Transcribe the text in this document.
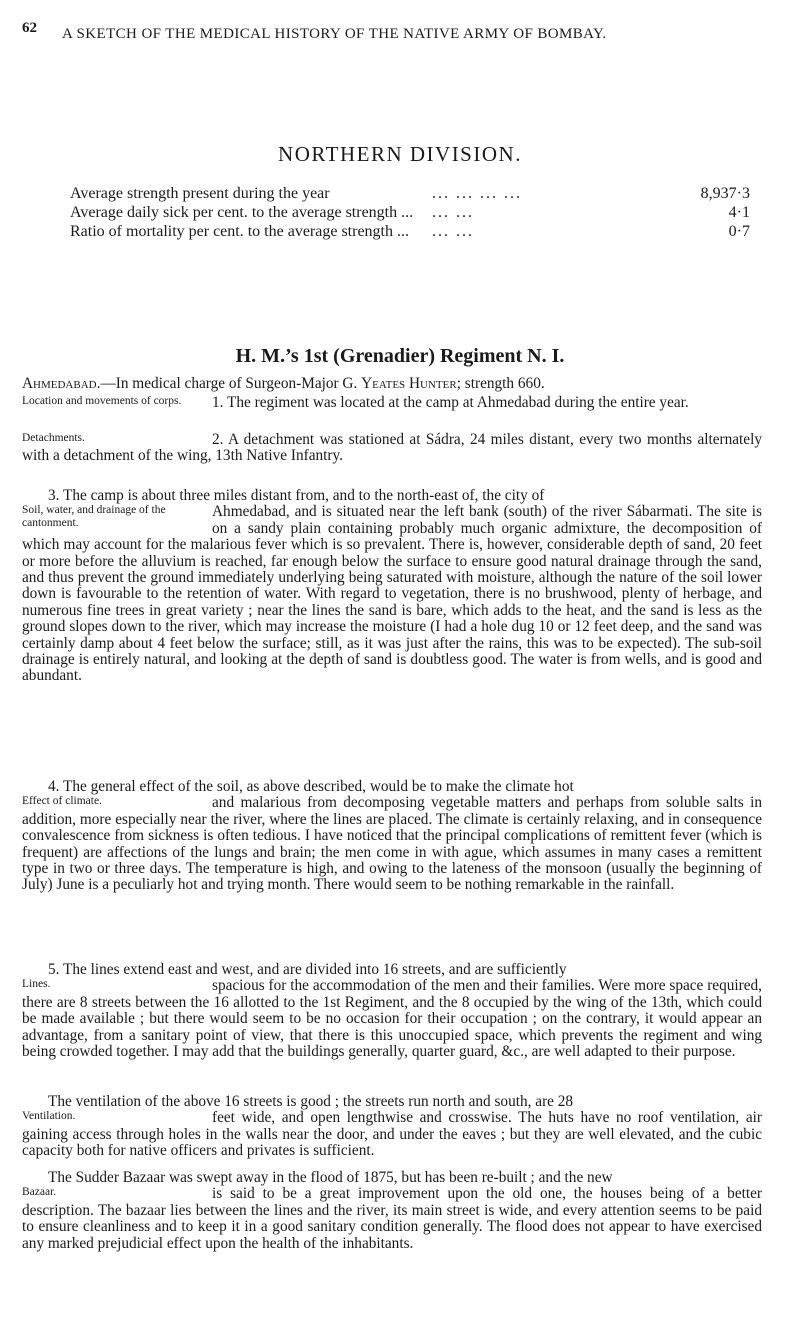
62 A SKETCH OF THE MEDICAL HISTORY OF THE NATIVE ARMY OF BOMBAY.
NORTHERN DIVISION.
Average strength present during the year	... ... ... ...	8,937·3
Average daily sick per cent. to the average strength ... ... ...	4·1
Ratio of mortality per cent. to the average strength ... ... ...	0·7
H. M.’s 1st (Grenadier) Regiment N. I.

Ahmedabad.—In medical charge of Surgeon-Major G. Yeates Hunter; strength 660.

Location and movements of corps.	1. The regiment was located at the camp at Ahmedabad during the entire year.

Detachments.	2. A detachment was stationed at Sádra, 24 miles distant, every two months alternately with a detachment of the wing, 13th Native Infantry.

3. The camp is about three miles distant from, and to the north-east of, the city of

Soil, water, and drainage of the cantonment.
Ahmedabad, and is situated near the left bank (south) of the river Sábarmati. The site is on a sandy plain containing probably much organic admixture, the decomposition of which may account for the malarious fever which is so prevalent. There is, however, considerable depth of sand, 20 feet or more before the alluvium is reached, far enough below the surface to ensure good natural drainage through the sand, and thus prevent the ground immediately underlying being saturated with moisture, although the nature of the soil lower down is favourable to the retention of water. With regard to vegetation, there is no brushwood, plenty of herbage, and numerous fine trees in great variety ; near the lines the sand is bare, which adds to the heat, and the sand is less as the ground slopes down to the river, which may increase the moisture (I had a hole dug 10 or 12 feet deep, and the sand was certainly damp about 4 feet below the surface; still, as it was just after the rains, this was to be expected). The sub-soil drainage is entirely natural, and looking at the depth of sand is doubtless good. The water is from wells, and is good and abundant.

4. The general effect of the soil, as above described, would be to make the climate hot

Effect of climate.	and malarious from decomposing vegetable matters and perhaps from soluble salts in addition, more especially near the river, where the lines are placed. The climate is certainly relaxing, and in consequence convalescence from sickness is often tedious. I have noticed that the principal complications of remittent fever (which is frequent) are affections of the lungs and brain; the men come in with ague, which assumes in many cases a remittent type in two or three days. The temperature is high, and owing to the lateness of the monsoon (usually the beginning of July) June is a peculiarly hot and trying month. There would seem to be nothing remarkable in the rainfall.

5. The lines extend east and west, and are divided into 16 streets, and are sufficiently

Lines.	spacious for the accommodation of the men and their families. Were more space required, there are 8 streets between the 16 allotted to the 1st Regiment, and the 8 occupied by the wing of the 13th, which could be made available ; but there would seem to be no occasion for their occupation ; on the contrary, it would appear an advantage, from a sanitary point of view, that there is this unoccupied space, which prevents the regiment and wing being crowded together. I may add that the buildings generally, quarter guard, &c., are well adapted to their purpose.

The ventilation of the above 16 streets is good ; the streets run north and south, are 28

Ventilation.	feet wide, and open lengthwise and crosswise. The huts have no roof ventilation, air gaining access through holes in the walls near the door, and under the eaves ; but they are well elevated, and the cubic capacity both for native officers and privates is sufficient.

The Sudder Bazaar was swept away in the flood of 1875, but has been re-built ; and the new

Bazaar.	is said to be a great improvement upon the old one, the houses being of a better description. The bazaar lies between the lines and the river, its main street is wide, and every attention seems to be paid to ensure cleanliness and to keep it in a good sanitary condition generally. The flood does not appear to have exercised any marked prejudicial effect upon the health of the inhabitants.
